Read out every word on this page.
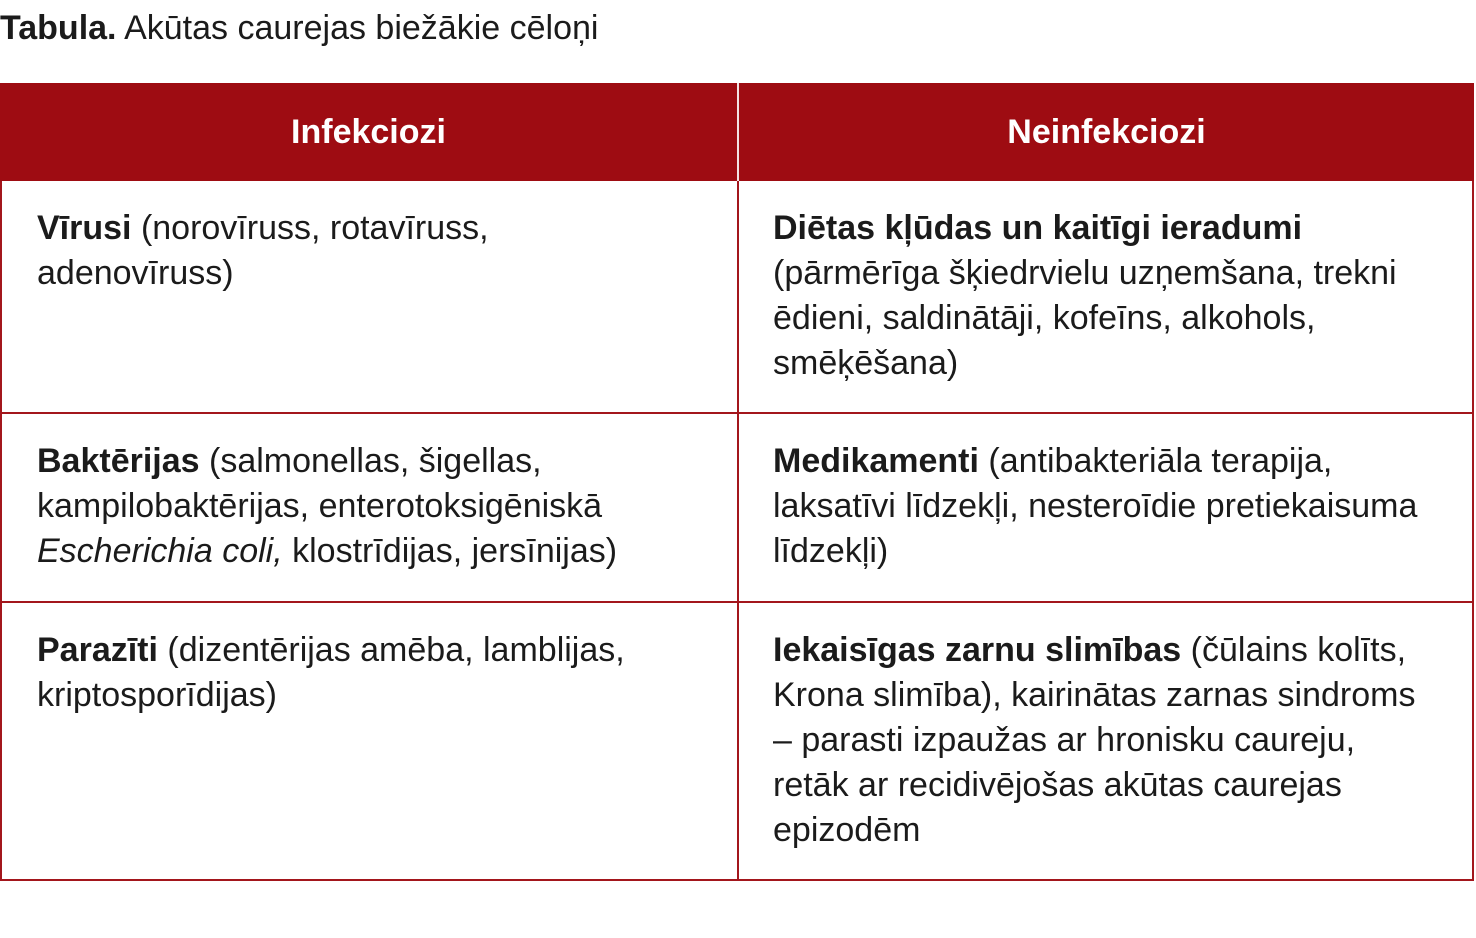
Tabula. Akūtas caurejas biežākie cēloņi
Infekciozi	Neinfekciozi
Vīrusi (norovīruss, rotavīruss, adenovīruss)
Diētas kļūdas un kaitīgi ieradumi (pārmērīga šķiedrvielu uzņemšana, trekni ēdieni, saldinātāji, kofeīns, alkohols, smēķēšana)
Baktērijas (salmonellas, šigellas, kampilobaktērijas, enterotoksigēniskā Escherichia coli, klostrīdijas, jersīnijas)
Medikamenti (antibakteriāla terapija, laksatīvi līdzekļi, nesteroīdie pretiekaisuma līdzekļi)
Parazīti (dizentērijas amēba, lamblijas, kriptosporīdijas)
Iekaisīgas zarnu slimības (čūlains kolīts, Krona slimība), kairinātas zarnas sindroms – parasti izpaužas ar hronisku caureju, retāk ar recidivējošas akūtas caurejas epizodēm
